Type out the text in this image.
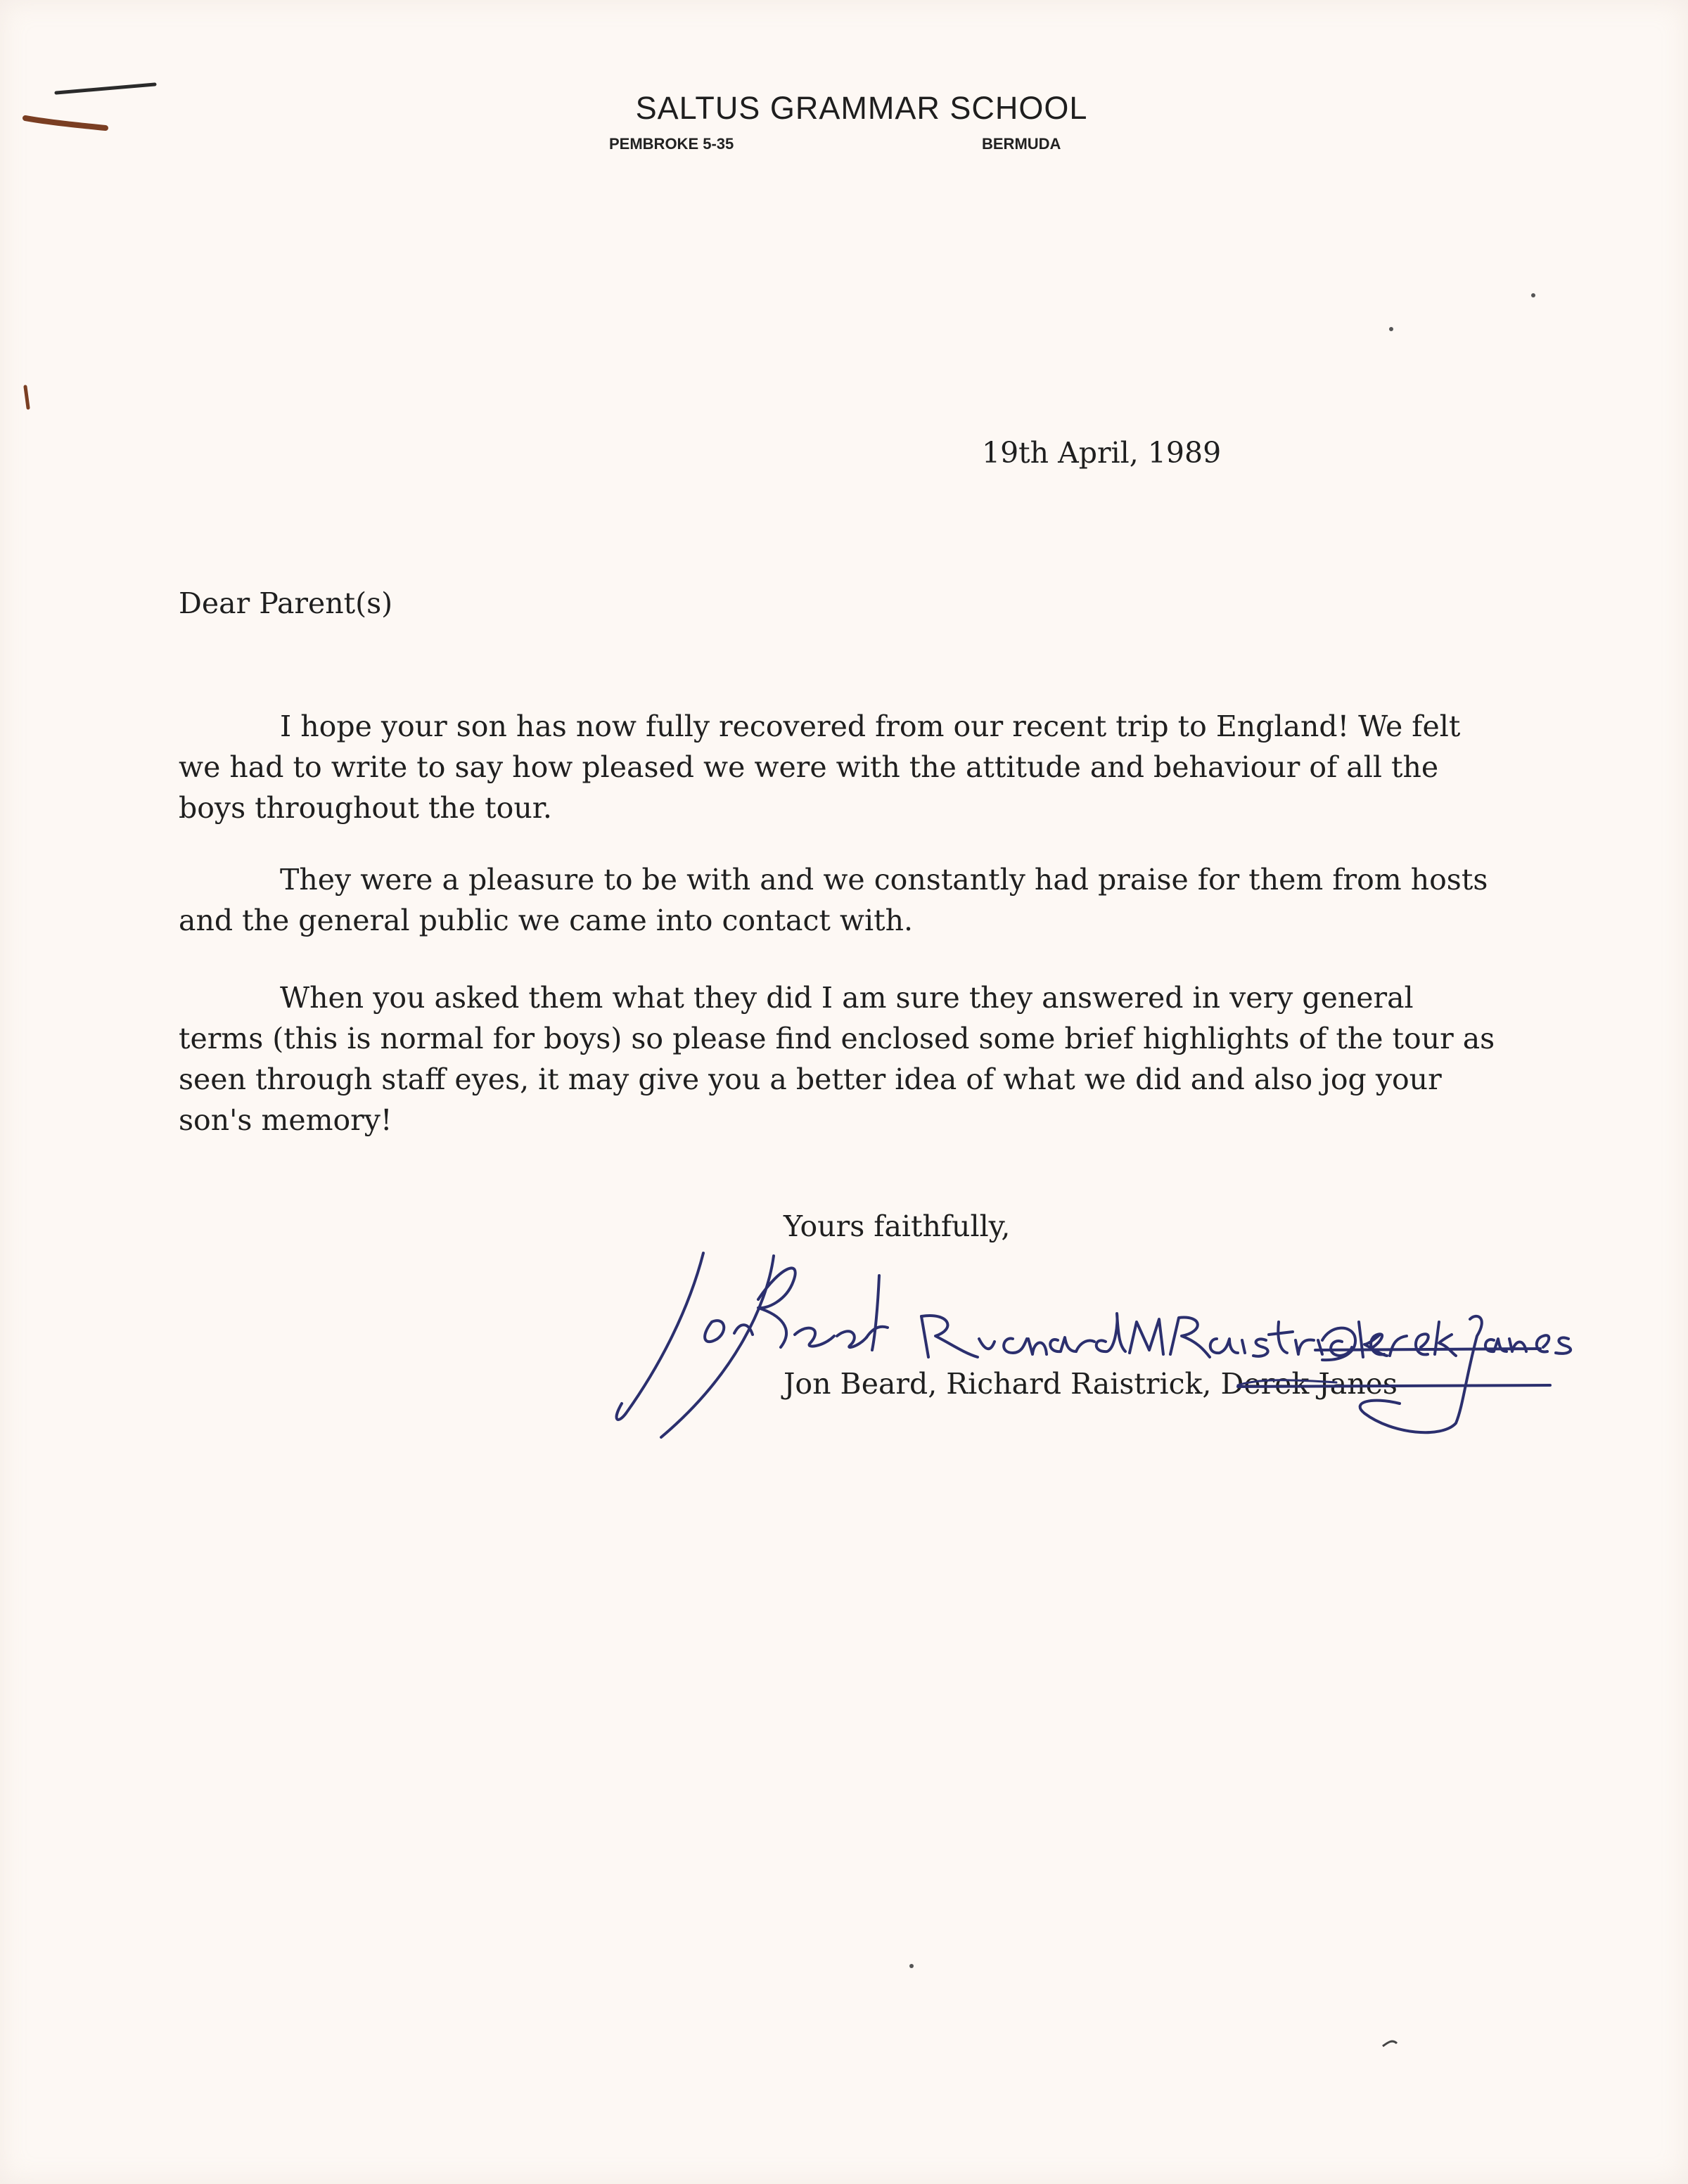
SALTUS GRAMMAR SCHOOL
PEMBROKE 5-35	BERMUDA
19th April, 1989
Dear Parent(s)

I hope your son has now fully recovered from our recent trip to England! We felt we had to write to say how pleased we were with the attitude and behaviour of all the boys throughout the tour.

They were a pleasure to be with and we constantly had praise for them from hosts and the general public we came into contact with.

When you asked them what they did I am sure they answered in very general terms (this is normal for boys) so please find enclosed some brief highlights of the tour as seen through staff eyes, it may give you a better idea of what we did and also jog your son's memory!

Yours faithfully,
Jon Beard, Richard Raistrick, Derek Janes
